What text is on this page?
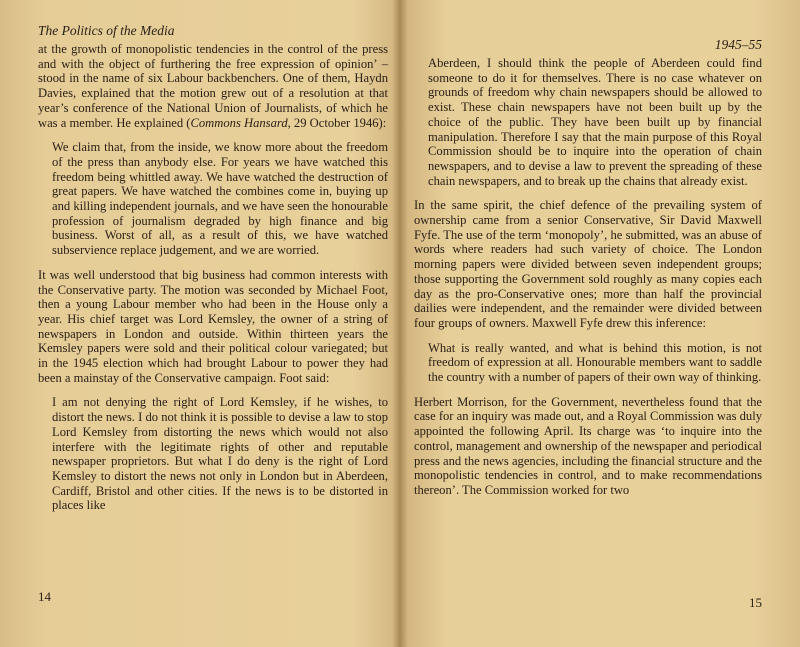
The Politics of the Media

at the growth of monopolistic tendencies in the control of the press and with the object of furthering the free expression of opinion’ – stood in the name of six Labour backbenchers. One of them, Haydn Davies, explained that the motion grew out of a resolution at that year’s conference of the National Union of Journalists, of which he was a member. He explained (Commons Hansard, 29 October 1946):

We claim that, from the inside, we know more about the freedom of the press than anybody else. For years we have watched this freedom being whittled away. We have watched the destruction of great papers. We have watched the combines come in, buying up and killing independent journals, and we have seen the honourable profession of journalism degraded by high finance and big business. Worst of all, as a result of this, we have watched subservience replace judgement, and we are worried.

It was well understood that big business had common interests with the Conservative party. The motion was seconded by Michael Foot, then a young Labour member who had been in the House only a year. His chief target was Lord Kemsley, the owner of a string of newspapers in London and outside. Within thirteen years the Kemsley papers were sold and their political colour variegated; but in the 1945 election which had brought Labour to power they had been a mainstay of the Conservative campaign. Foot said:

I am not denying the right of Lord Kemsley, if he wishes, to distort the news. I do not think it is possible to devise a law to stop Lord Kemsley from distorting the news which would not also interfere with the legitimate rights of other and reputable newspaper proprietors. But what I do deny is the right of Lord Kemsley to distort the news not only in London but in Aberdeen, Cardiff, Bristol and other cities. If the news is to be distorted in places like

14
1945–55

Aberdeen, I should think the people of Aberdeen could find someone to do it for themselves. There is no case whatever on grounds of freedom why chain newspapers should be allowed to exist. These chain newspapers have not been built up by the choice of the public. They have been built up by financial manipulation. Therefore I say that the main purpose of this Royal Commission should be to inquire into the operation of chain newspapers, and to devise a law to prevent the spreading of these chain newspapers, and to break up the chains that already exist.

In the same spirit, the chief defence of the prevailing system of ownership came from a senior Conservative, Sir David Maxwell Fyfe. The use of the term ‘monopoly’, he submitted, was an abuse of words where readers had such variety of choice. The London morning papers were divided between seven independent groups; those supporting the Government sold roughly as many copies each day as the pro-Conservative ones; more than half the provincial dailies were independent, and the remainder were divided between four groups of owners. Maxwell Fyfe drew this inference:

What is really wanted, and what is behind this motion, is not freedom of expression at all. Honourable members want to saddle the country with a number of papers of their own way of thinking.

Herbert Morrison, for the Government, nevertheless found that the case for an inquiry was made out, and a Royal Commission was duly appointed the following April. Its charge was ‘to inquire into the control, management and ownership of the newspaper and periodical press and the news agencies, including the financial structure and the monopolistic tendencies in control, and to make recommendations thereon’. The Commission worked for two

15
